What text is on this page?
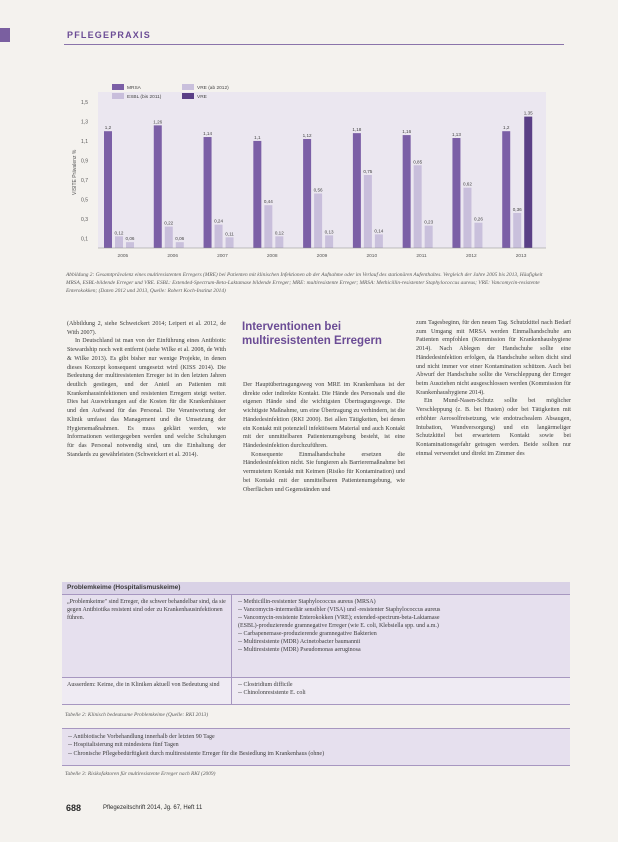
PFLEGEPRAXIS
0,1
0,3
0,5
0,7
0,9
1,1
1,3
1,5
VISITE Prävalenz %
1,2
0,12
0,06
2005
1,26
0,22
0,06
2006
1,14
0,24
0,11
2007
1,1
0,44
0,12
2008
1,12
0,56
0,13
2009
1,18
0,75
0,14
2010
1,16
0,85
0,23
2011
1,13
0,62
0,26
2012
1,2
0,36
1,35
2013
MRSA
ESBL (bis 2011)
VRE (ab 2012)
VRE
Abbildung 2: Gesamtprävalenz eines multiresistenten Erregers (MRE) bei Patienten mit klinischen Infektionen ab der Aufnahme oder im Verlauf des stationären Aufenthaltes. Vergleich der Jahre 2005 bis 2013, Häufigkeit MRSA, ESBL-bildende Erreger und VRE. ESBL: Extended-Spectrum-Beta-Laktamase bildende Erreger; MRE: multiresistente Erreger; MRSA: Methicillin-resistenter Staphylococcus aureus; VRE: Vancomycin-resistente Enterokokken; (Daten 2012 und 2013, Quelle: Robert Koch-Institut 2014)

(Abbildung 2, siehe Schweickert 2014; Leipert et al. 2012, de With 2007).

In Deutschland ist man von der Einführung eines Antibiotic Stewardship noch weit entfernt (siehe Wilke et al. 2008, de With & Wilke 2013). Es gibt bisher nur wenige Projekte, in denen dieses Konzept konsequent umgesetzt wird (KISS 2014). Die Bedeutung der multiresistenten Erreger ist in den letzten Jahren deutlich gestiegen, und der Anteil an Patienten mit Krankenhausinfektionen und resistenten Erregern steigt weiter. Dies hat Auswirkungen auf die Kosten für die Krankenhäuser und den Aufwand für das Personal. Die Verantwortung der Klinik umfasst das Management und die Umsetzung der Hygienemaßnahmen. Es muss geklärt werden, wie Informationen weitergegeben werden und welche Schulungen für das Personal notwendig sind, um die Einhaltung der Standards zu gewährleisten (Schweickert et al. 2014).

Interventionen bei multiresistenten Erregern

Der Hauptübertragungsweg von MRE im Krankenhaus ist der direkte oder indirekte Kontakt. Die Hände des Personals und die eigenen Hände sind die wichtigsten Übertragungswege. Die wichtigste Maßnahme, um eine Übertragung zu verhindern, ist die Händedesinfektion (RKI 2000). Bei allen Tätigkeiten, bei denen ein Kontakt mit potenziell infektiösem Material und auch Kontakt mit der unmittelbaren Patientenumgebung besteht, ist eine Händedesinfektion durchzuführen.

Konsequente Einmalhandschuhe ersetzen die Händedesinfektion nicht. Sie fungieren als Barrieremaßnahme bei vermutetem Kontakt mit Keimen (Risiko für Kontamination) und bei Kontakt mit der unmittelbaren Patientenumgebung, wie Oberflächen und Gegenständen und

zum Tagesbeginn, für den neuen Tag. Schutzkittel nach Bedarf zum Umgang mit MRSA werden Einmalhandschuhe am Patienten empfohlen (Kommission für Krankenhaushygiene 2014). Nach Ablegen der Handschuhe sollte eine Händedesinfektion erfolgen, da Handschuhe selten dicht sind und nicht immer vor einer Kontamination schützen. Auch bei Abwurf der Handschuhe sollte die Verschleppung der Erreger beim Ausziehen nicht ausgeschlossen werden (Kommission für Krankenhaushygiene 2014).

Ein Mund-Nasen-Schutz sollte bei möglicher Verschleppung (z. B. bei Husten) oder bei Tätigkeiten mit erhöhter Aerosolfreisetzung, wie endotrachealem Absaugen, Intubation, Wundversorgung) und ein langärmeliger Schutzkittel bei erwartetem Kontakt sowie bei Kontaminationsgefahr getragen werden. Beide sollten nur einmal verwendet und direkt im Zimmer des

Problemkeime (Hospitalismuskeime)
„Problemkeime" sind Erreger, die schwer behandelbar sind, da sie gegen Antibiotika resistent sind oder zu Krankenhausinfektionen führen.
-- Methicillin-resistenter Staphylococcus aureus (MRSA)
-- Vancomycin-intermediär sensibler (VISA) und -resistenter Staphylococcus aureus
-- Vancomycin-resistente Enterokokken (VRE); extended-spectrum-beta-Laktamase
(ESBL)-produzierende gramnegative Erreger (wie E. coli, Klebsiella spp. und a.m.)
-- Carbapenemase-produzierende gramnegative Bakterien
-- Multiresistente (MDR) Acinetobacter baumannii
-- Multiresistente (MDR) Pseudomonas aeruginosa
Ausserdem: Keime, die in Kliniken aktuell von Bedeutung sind	-- Clostridium difficile
-- Chinolonresistente E. coli
Tabelle 2: Klinisch bedeutsame Problemkeime (Quelle: RKI 2013)
-- Antibiotische Vorbehandlung innerhalb der letzten 90 Tage
-- Hospitalisierung mit mindestens fünf Tagen
-- Chronische Pflegebedürftigkeit durch multiresistente Erreger für die Besiedlung im Krankenhaus (ohne)
Tabelle 3: Risikofaktoren für multiresistente Erreger nach RKI (2009)
688	Pflegezeitschrift 2014, Jg. 67, Heft 11
